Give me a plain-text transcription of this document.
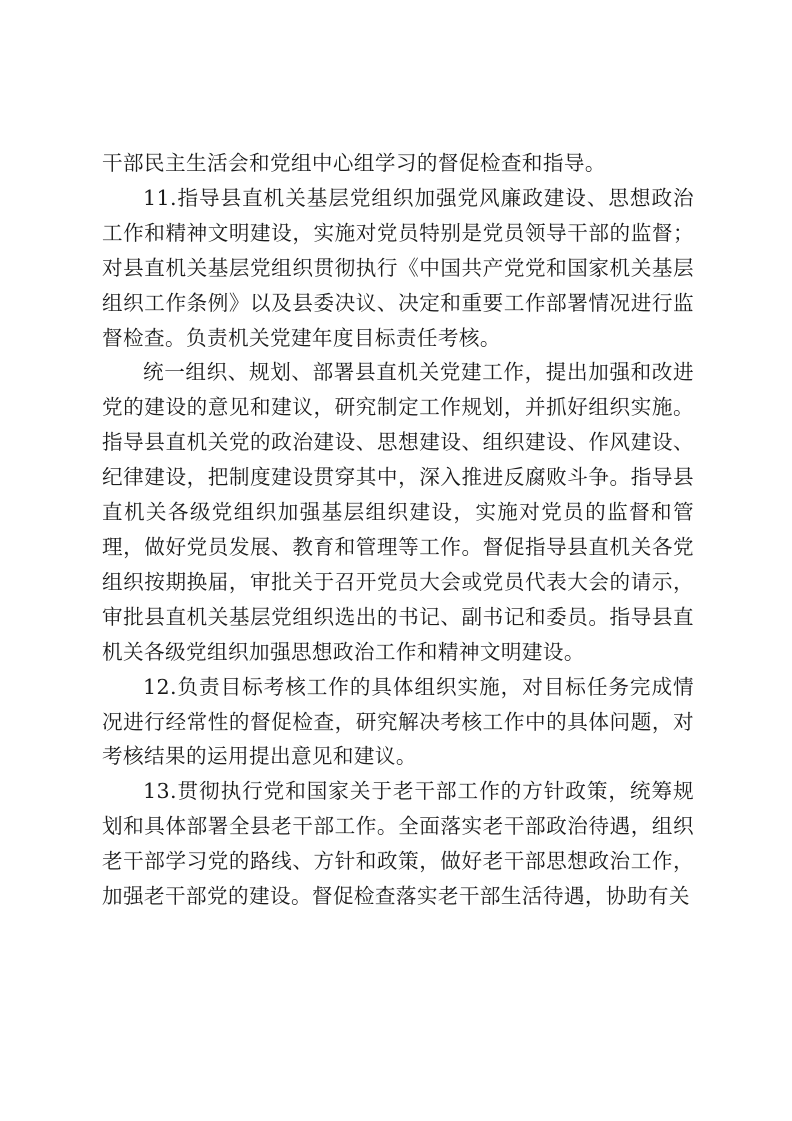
干部民主生活会和党组中心组学习的督促检查和指导。

11.指导县直机关基层党组织加强党风廉政建设、思想政治工作和精神文明建设，实施对党员特别是党员领导干部的监督；对县直机关基层党组织贯彻执行《中国共产党党和国家机关基层组织工作条例》以及县委决议、决定和重要工作部署情况进行监督检查。负责机关党建年度目标责任考核。

统一组织、规划、部署县直机关党建工作，提出加强和改进党的建设的意见和建议，研究制定工作规划，并抓好组织实施。指导县直机关党的政治建设、思想建设、组织建设、作风建设、纪律建设，把制度建设贯穿其中，深入推进反腐败斗争。指导县直机关各级党组织加强基层组织建设，实施对党员的监督和管理，做好党员发展、教育和管理等工作。督促指导县直机关各党组织按期换届，审批关于召开党员大会或党员代表大会的请示，审批县直机关基层党组织选出的书记、副书记和委员。指导县直机关各级党组织加强思想政治工作和精神文明建设。

12.负责目标考核工作的具体组织实施，对目标任务完成情况进行经常性的督促检查，研究解决考核工作中的具体问题，对考核结果的运用提出意见和建议。

13.贯彻执行党和国家关于老干部工作的方针政策，统筹规划和具体部署全县老干部工作。全面落实老干部政治待遇，组织老干部学习党的路线、方针和政策，做好老干部思想政治工作，加强老干部党的建设。督促检查落实老干部生活待遇，协助有关
